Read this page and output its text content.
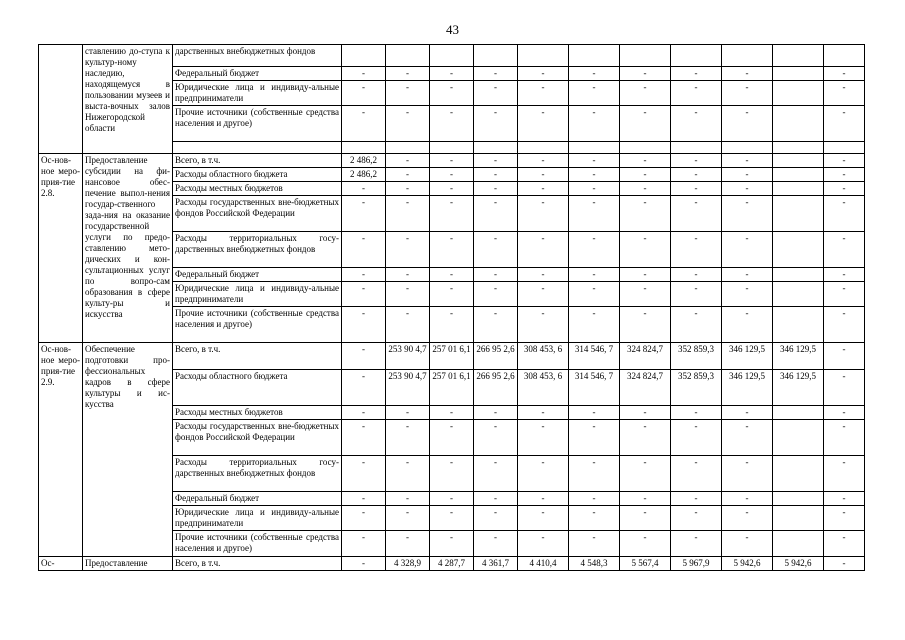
43
	ставлению до-ступа к культур-ному наследию, находящемуся в пользовании музеев и выста-вочных залов Нижегородской области	дарственных внебюджетных фондов											
		Федеральный бюджет	-	-	-	-	-	-	-	-	-		-
		Юридические лица и индивиду-альные предприниматели	-	-	-	-	-	-	-	-	-		-
		Прочие источники (собственные средства населения и другое)	-	-	-	-	-	-	-	-	-		-

Ос-нов-ное меро-прия-тие 2.8.	Предоставление субсидии на фи-нансовое обес-печение выпол-нения государ-ственного зада-ния на оказание государственной услуги по предо-ставлению мето-дических и кон-сультационных услуг по вопро-сам образования в сфере культу-ры и искусства	Всего, в т.ч.	2 486,2	-	-	-	-	-	-	-	-		-
		Расходы областного бюджета	2 486,2	-	-	-	-	-	-	-	-		-
		Расходы местных бюджетов	-	-	-	-	-	-	-	-	-		-
		Расходы государственных вне-бюджетных фондов Российской Федерации	-	-	-	-	-	-	-	-	-		-
		Расходы территориальных госу-дарственных внебюджетных фондов	-	-	-	-	-	-	-	-	-		-
		Федеральный бюджет	-	-	-	-	-	-	-	-	-		-
		Юридические лица и индивиду-альные предприниматели	-	-	-	-	-	-	-	-	-		-
		Прочие источники (собственные средства населения и другое)	-	-	-	-	-	-	-	-	-		-
Ос-нов-ное меро-прия-тие 2.9.	Обеспечение подготовки про-фессиональных кадров в сфере культуры и ис-кусства	Всего, в т.ч.	-	253 90 4,7	257 01 6,1	266 95 2,6	308 453, 6	314 546, 7	324 824,7	352 859,3	346 129,5	346 129,5	-
		Расходы областного бюджета	-	253 90 4,7	257 01 6,1	266 95 2,6	308 453, 6	314 546, 7	324 824,7	352 859,3	346 129,5	346 129,5	-
		Расходы местных бюджетов	-	-	-	-	-	-	-	-	-		-
		Расходы государственных вне-бюджетных фондов Российской Федерации	-	-	-	-	-	-	-	-	-		-
		Расходы территориальных госу-дарственных внебюджетных фондов	-	-	-	-	-	-	-	-	-		-
		Федеральный бюджет	-	-	-	-	-	-	-	-	-		-
		Юридические лица и индивиду-альные предприниматели	-	-	-	-	-	-	-	-	-		-
		Прочие источники (собственные средства населения и другое)	-	-	-	-	-	-	-	-	-		-
Ос-	Предоставление	Всего, в т.ч.	-	4 328,9	4 287,7	4 361,7	4 410,4	4 548,3	5 567,4	5 967,9	5 942,6	5 942,6	-
